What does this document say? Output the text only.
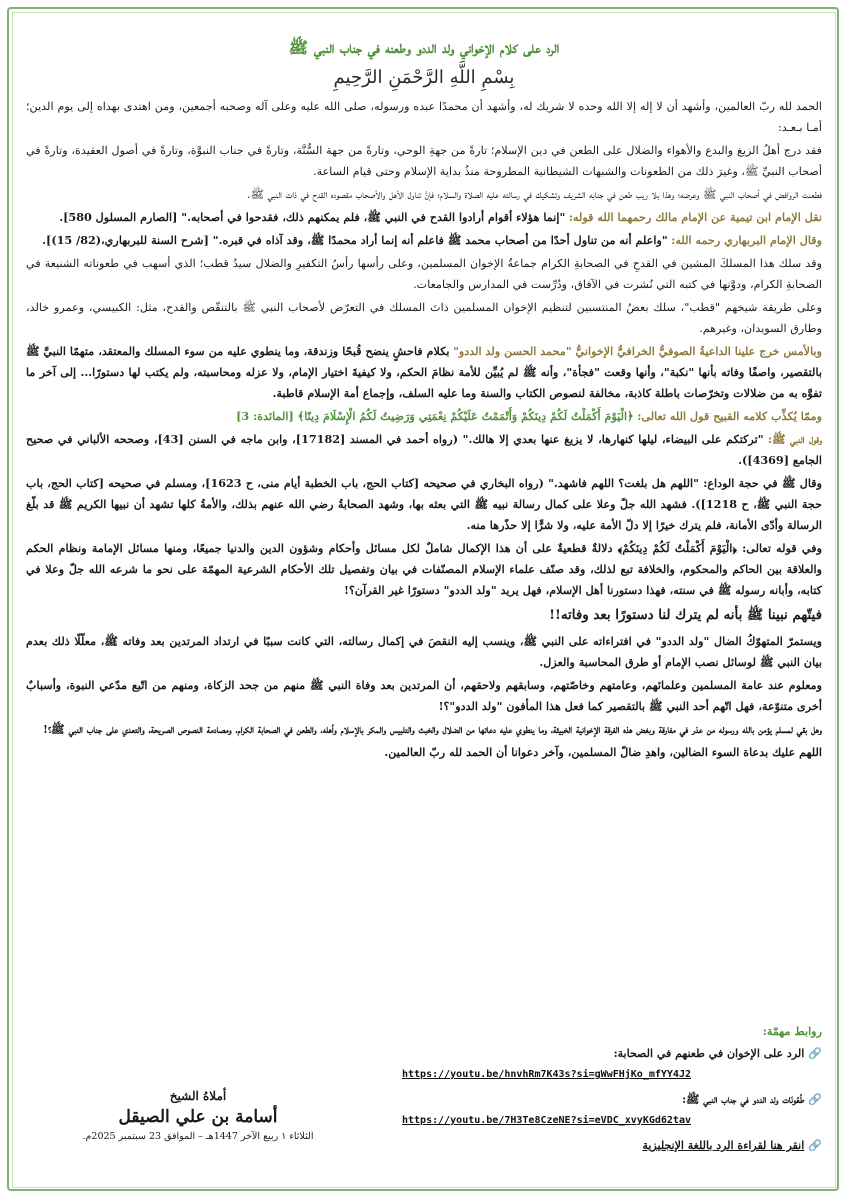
الرد على كلام الإخواني ولد الددو وطعنه في جناب النبي ﷺ
بِسْمِ اللَّهِ الرَّحْمَنِ الرَّحِيمِ

الحمد لله ربّ العالمين، وأشهد أن لا إله إلا الله وحده لا شريك له، وأشهد أن محمدًا عبده ورسوله، صلى الله عليه وعلى آله وصحبه أجمعين، ومن اهتدى بهداه إلى يوم الدين؛ أمـا بـعـد:

فقد درج أهلُ الزيغ والبدع والأهواء والضلال على الطعن في دين الإسلام؛ تارةً من جهةِ الوحي، وتارةً من جهة السُّنَّة، وتارةً في جناب النبوَّة، وتارةً في أصول العقيدة، وتارةً في أصحاب النبيِّ ﷺ، وغيرَ ذلك من الطعونات والشبهات الشيطانية المطروحة منذُ بداية الإسلام وحتى قيام الساعة.

فطعنت الروافض في أصحاب النبي ﷺ وعرضه؛ وهذا بلا ريب طعن في جنابه الشريف وتشكيك في رسالته عليه الصلاة والسلام؛ فإنَّ تناول الأهل والأصحاب مقصوده القدح في ذات النبي ﷺ.

نقل الإمام ابن تيمية عن الإمام مالك رحمهما الله قوله: "إنما هؤلاء أقوام أرادوا القدح في النبي ﷺ، فلم يمكنهم ذلك، فقدحوا في أصحابه." [الصارم المسلول 580].

وقال الإمام البربهاري رحمه الله: "واعلم أنه من تناول أحدًا من أصحاب محمد ﷺ فاعلم أنه إنما أراد محمدًا ﷺ، وقد آذاه في قبره." [شرح السنة للبربهاري،(82/ 15)].

وقد سلك هذا المسلكَ المشين في القدحِ في الصحابةِ الكرام جماعةُ الإخوان المسلمين، وعلى رأسها رأسُ التكفيرِ والضلال سيدُ قطب؛ الذي أسهب في طعوناته الشنيعة في الصحابةِ الكرام، ودوَّنها في كتبه التي نُشرت في الآفاق، ودُرِّست في المدارس والجامعات.

وعلى طريقة شيخهم "قطب"، سلك بعضُ المنتسبين لتنظيم الإخوان المسلمين ذاتَ المسلك في التعرّض لأصحاب النبي ﷺ بالتنقّص والقدح، مثل: الكبيسي، وعمرو خالد، وطارق السويدان، وغيرهم.

وبالأمس خرج علينا الداعيةُ الصوفيُّ الخرافيُّ الإخوانيُّ "محمد الحسن ولد الددو" بكلام فاحشٍ ينضح قُبحًا وزندقة، وما ينطوي عليه من سوء المسلك والمعتقد، متهمًا النبيَّ ﷺ بالتقصير، واصفًا وفاته بأنها "نكبة"، وأنها وقعت "فجأة"، وأنه ﷺ لم يُبيِّن للأمة نظامَ الحكم، ولا كيفيةَ اختيار الإمام، ولا عزله ومحاسبته، ولم يكتب لها دستورًا... إلى آخر ما تفوَّه به من ضلالات وتخرّصات باطلة كاذبة، مخالفة لنصوص الكتاب والسنة وما عليه السلف، وإجماع أمة الإسلام قاطبة.

وممّا يُكذِّب كلامه القبيح قول الله تعالى: ﴿الْيَوْمَ أَكْمَلْتُ لَكُمْ دِينَكُمْ وَأَتْمَمْتُ عَلَيْكُمْ نِعْمَتِي وَرَضِيتُ لَكُمُ الْإِسْلَامَ دِينًا﴾ [المائدة: 3]

وقول النبي ﷺ: "تركتكم على البيضاء، ليلها كنهارها، لا يزيغ عنها بعدي إلا هالك." (رواه أحمد في المسند [17182]، وابن ماجه في السنن [43]، وصححه الألباني في صحيح الجامع [4369]).

وقال ﷺ في حجة الوداع: "اللهم هل بلغت؟ اللهم فاشهد." (رواه البخاري في صحيحه [كتاب الحج، باب الخطبة أيام منى، ح 1623]، ومسلم في صحيحه [كتاب الحج، باب حجة النبي ﷺ، ح 1218]). فشهد الله جلّ وعلا على كمال رسالة نبيه ﷺ التي بعثه بها، وشهد الصحابةُ رضي الله عنهم بذلك، والأمةُ كلها تشهد أن نبيها الكريم ﷺ قد بلّغ الرسالة وأدّى الأمانة، فلم يترك خيرًا إلا دلّ الأمة عليه، ولا شرًّا إلا حذّرها منه.

وفي قوله تعالى: ﴿الْيَوْمَ أَكْمَلْتُ لَكُمْ دِينَكُمْ﴾ دلالةٌ قطعيةٌ على أن هذا الإكمال شاملٌ لكل مسائل وأحكام وشؤون الدين والدنيا جميعًا، ومنها مسائل الإمامة ونظام الحكم والعلاقة بين الحاكم والمحكوم، والخلافة تبع لذلك، وقد صنّف علماء الإسلام المصنّفات في بيان وتفصيل تلك الأحكام الشرعية المهمّة على نحو ما شرعه الله جلّ وعلا في كتابه، وأبانه رسوله ﷺ في سنته، فهذا دستورنا أهل الإسلام، فهل يريد "ولد الددو" دستورًا غير القرآن؟!

فيتّهم نبينا ﷺ بأنه لم يترك لنا دستورًا بعد وفاته!!

ويستمرّ المتهوّكُ الضال "ولد الددو" في افتراءاته على النبي ﷺ، وينسب إليه النقصَ في إكمال رسالته، التي كانت سببًا في ارتداد المرتدين بعد وفاته ﷺ، معلّلًا ذلك بعدم بيان النبي ﷺ لوسائل نصب الإمام أو طرق المحاسبة والعزل.

ومعلوم عند عامة المسلمين وعلمائهم، وعامتهم وخاصّتهم، وسابقهم ولاحقهم، أن المرتدين بعد وفاة النبي ﷺ منهم من جحد الزكاة، ومنهم من اتّبع مدّعي النبوة، وأسبابٌ أخرى متنوّعة، فهل اتّهم أحد النبي ﷺ بالتقصير كما فعل هذا المأفون "ولد الددو"؟!

وهل بقي لمسلم يؤمن بالله ورسوله من عذر في مفارقة وبغض هذه الفرقة الإخوانية الخبيثة، وما ينطوي عليه دعاتها من الضلال والخبث والتلبيس والمكر بالإسلام وأهله، والطعن في الصحابة الكرام، ومصادمة النصوص الصريحة، والتعدي على جناب النبي ﷺ؟!

اللهم عليك بدعاة السوء الضالين، واهدِ ضالّ المسلمين، وآخر دعوانا أن الحمد لله ربّ العالمين.

روابط مهمّة:
🔗الرد على الإخوان في طعنهم في الصحابة:
https://youtu.be/hnvhRm7K43s?si=gWwFHjKo_mfYY4J2
🔗طُعُونَات ولد الددو في جناب النبي ﷺ:
https://youtu.be/7H3Te8CzeNE?si=eVDC_xvyKGd62tav
🔗انقر هنا لقراءة الرد باللغة الإنجليزية
أملاهُ الشيخ
أسامة بن علي الصيقل
الثلاثاء ١ ربيع الآخر 1447هـ – الموافق 23 سبتمبر 2025م.
